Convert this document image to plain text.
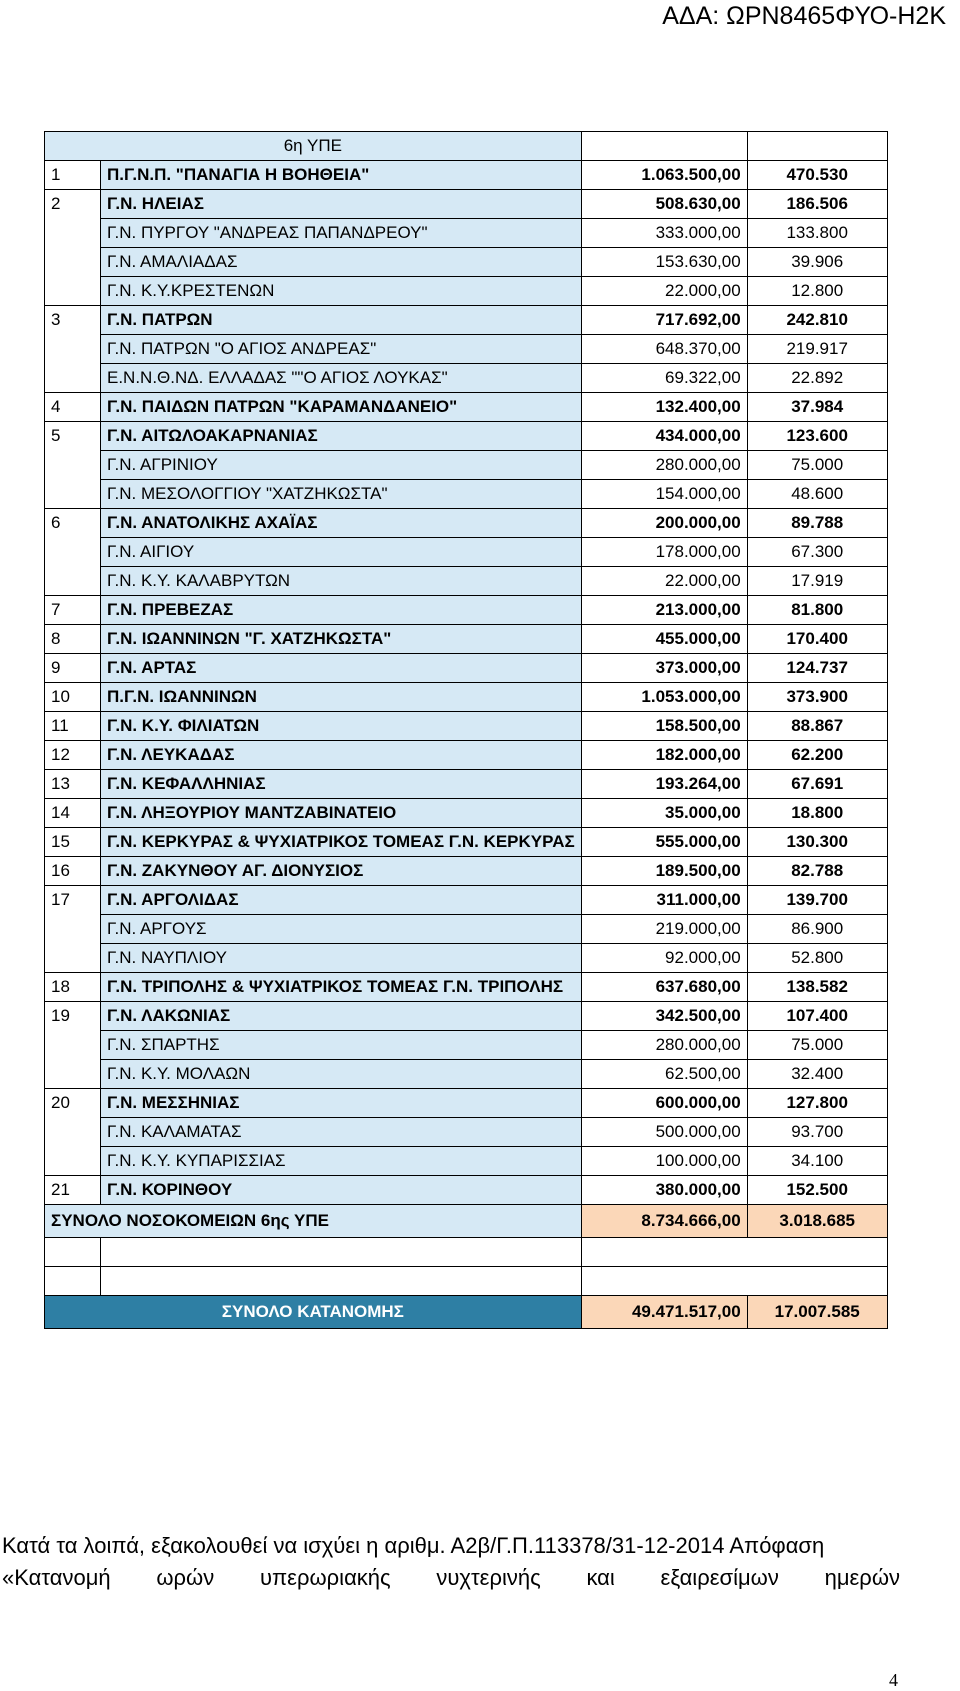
ΑΔΑ: ΩΡΝ8465ΦΥΟ-Η2Κ
6η ΥΠΕ			
1	Π.Γ.Ν.Π. "ΠΑΝΑΓΙΑ Η ΒΟΗΘΕΙΑ"	1.063.500,00	470.530
2	Γ.Ν. ΗΛΕΙΑΣ	508.630,00	186.506
	Γ.Ν. ΠΥΡΓΟΥ "ΑΝΔΡΕΑΣ ΠΑΠΑΝΔΡΕΟΥ"	333.000,00	133.800
	Γ.Ν. ΑΜΑΛΙΑΔΑΣ	153.630,00	39.906
	Γ.Ν. Κ.Υ.ΚΡΕΣΤΕΝΩΝ	22.000,00	12.800
3	Γ.Ν. ΠΑΤΡΩΝ	717.692,00	242.810
	Γ.Ν. ΠΑΤΡΩΝ "Ο ΑΓΙΟΣ ΑΝΔΡΕΑΣ"	648.370,00	219.917
	Ε.Ν.Ν.Θ.ΝΔ. ΕΛΛΑΔΑΣ ""Ο ΑΓΙΟΣ ΛΟΥΚΑΣ"	69.322,00	22.892
4	Γ.Ν. ΠΑΙΔΩΝ ΠΑΤΡΩΝ "ΚΑΡΑΜΑΝΔΑΝΕΙΟ"	132.400,00	37.984
5	Γ.Ν. ΑΙΤΩΛΟΑΚΑΡΝΑΝΙΑΣ	434.000,00	123.600
	Γ.Ν. ΑΓΡΙΝΙΟΥ	280.000,00	75.000
	Γ.Ν. ΜΕΣΟΛΟΓΓΙΟΥ "ΧΑΤΖΗΚΩΣΤΑ"	154.000,00	48.600
6	Γ.Ν. ΑΝΑΤΟΛΙΚΗΣ ΑΧΑΪΑΣ	200.000,00	89.788
	Γ.Ν. ΑΙΓΙΟΥ	178.000,00	67.300
	Γ.Ν. Κ.Υ. ΚΑΛΑΒΡΥΤΩΝ	22.000,00	17.919
7	Γ.Ν. ΠΡΕΒΕΖΑΣ	213.000,00	81.800
8	Γ.Ν. ΙΩΑΝΝΙΝΩΝ "Γ. ΧΑΤΖΗΚΩΣΤΑ"	455.000,00	170.400
9	Γ.Ν. ΑΡΤΑΣ	373.000,00	124.737
10	Π.Γ.Ν. ΙΩΑΝΝΙΝΩΝ	1.053.000,00	373.900
11	Γ.Ν. Κ.Υ. ΦΙΛΙΑΤΩΝ	158.500,00	88.867
12	Γ.Ν. ΛΕΥΚΑΔΑΣ	182.000,00	62.200
13	Γ.Ν. ΚΕΦΑΛΛΗΝΙΑΣ	193.264,00	67.691
14	Γ.Ν. ΛΗΞΟΥΡΙΟΥ ΜΑΝΤΖΑΒΙΝΑΤΕΙΟ	35.000,00	18.800
15	Γ.Ν. ΚΕΡΚΥΡΑΣ & ΨΥΧΙΑΤΡΙΚΟΣ ΤΟΜΕΑΣ Γ.Ν. ΚΕΡΚΥΡΑΣ	555.000,00	130.300
16	Γ.Ν. ΖΑΚΥΝΘΟΥ ΑΓ. ΔΙΟΝΥΣΙΟΣ	189.500,00	82.788
17	Γ.Ν. ΑΡΓΟΛΙΔΑΣ	311.000,00	139.700
	Γ.Ν. ΑΡΓΟΥΣ	219.000,00	86.900
	Γ.Ν. ΝΑΥΠΛΙΟΥ	92.000,00	52.800
18	Γ.Ν. ΤΡΙΠΟΛΗΣ & ΨΥΧΙΑΤΡΙΚΟΣ ΤΟΜΕΑΣ Γ.Ν. ΤΡΙΠΟΛΗΣ	637.680,00	138.582
19	Γ.Ν. ΛΑΚΩΝΙΑΣ	342.500,00	107.400
	Γ.Ν. ΣΠΑΡΤΗΣ	280.000,00	75.000
	Γ.Ν. Κ.Υ. ΜΟΛΑΩΝ	62.500,00	32.400
20	Γ.Ν. ΜΕΣΣΗΝΙΑΣ	600.000,00	127.800
	Γ.Ν. ΚΑΛΑΜΑΤΑΣ	500.000,00	93.700
	Γ.Ν. Κ.Υ. ΚΥΠΑΡΙΣΣΙΑΣ	100.000,00	34.100
21	Γ.Ν. ΚΟΡΙΝΘΟΥ	380.000,00	152.500
ΣΥΝΟΛΟ ΝΟΣΟΚΟΜΕΙΩΝ 6ης ΥΠΕ		8.734.666,00	3.018.685

ΣΥΝΟΛΟ ΚΑΤΑΝΟΜΗΣ		49.471.517,00	17.007.585
Κατά τα λοιπά, εξακολουθεί να ισχύει η αριθμ. Α2β/Γ.Π.113378/31-12-2014 Απόφαση
«Κατανομή ωρών υπερωριακής νυχτερινής και εξαιρεσίμων ημερών
4
